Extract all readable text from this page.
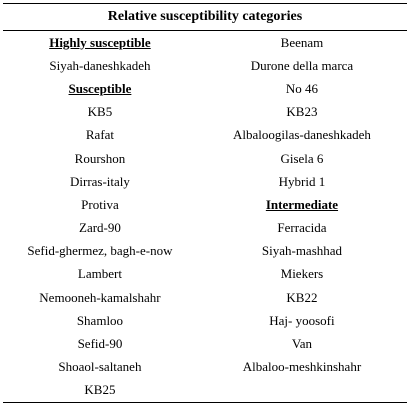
Relative susceptibility categories	
Highly susceptible	Beenam
Siyah-daneshkadeh	Durone della marca
Susceptible	No 46
KB5	KB23
Rafat	Albaloogilas-daneshkadeh
Rourshon	Gisela 6
Dirras-italy	Hybrid 1
Protiva	Intermediate
Zard-90	Ferracida
Sefid-ghermez, bagh-e-now	Siyah-mashhad
Lambert	Miekers
Nemooneh-kamalshahr	KB22
Shamloo	Haj- yoosofi
Sefid-90	Van
Shoaol-saltaneh	Albaloo-meshkinshahr
KB25	
